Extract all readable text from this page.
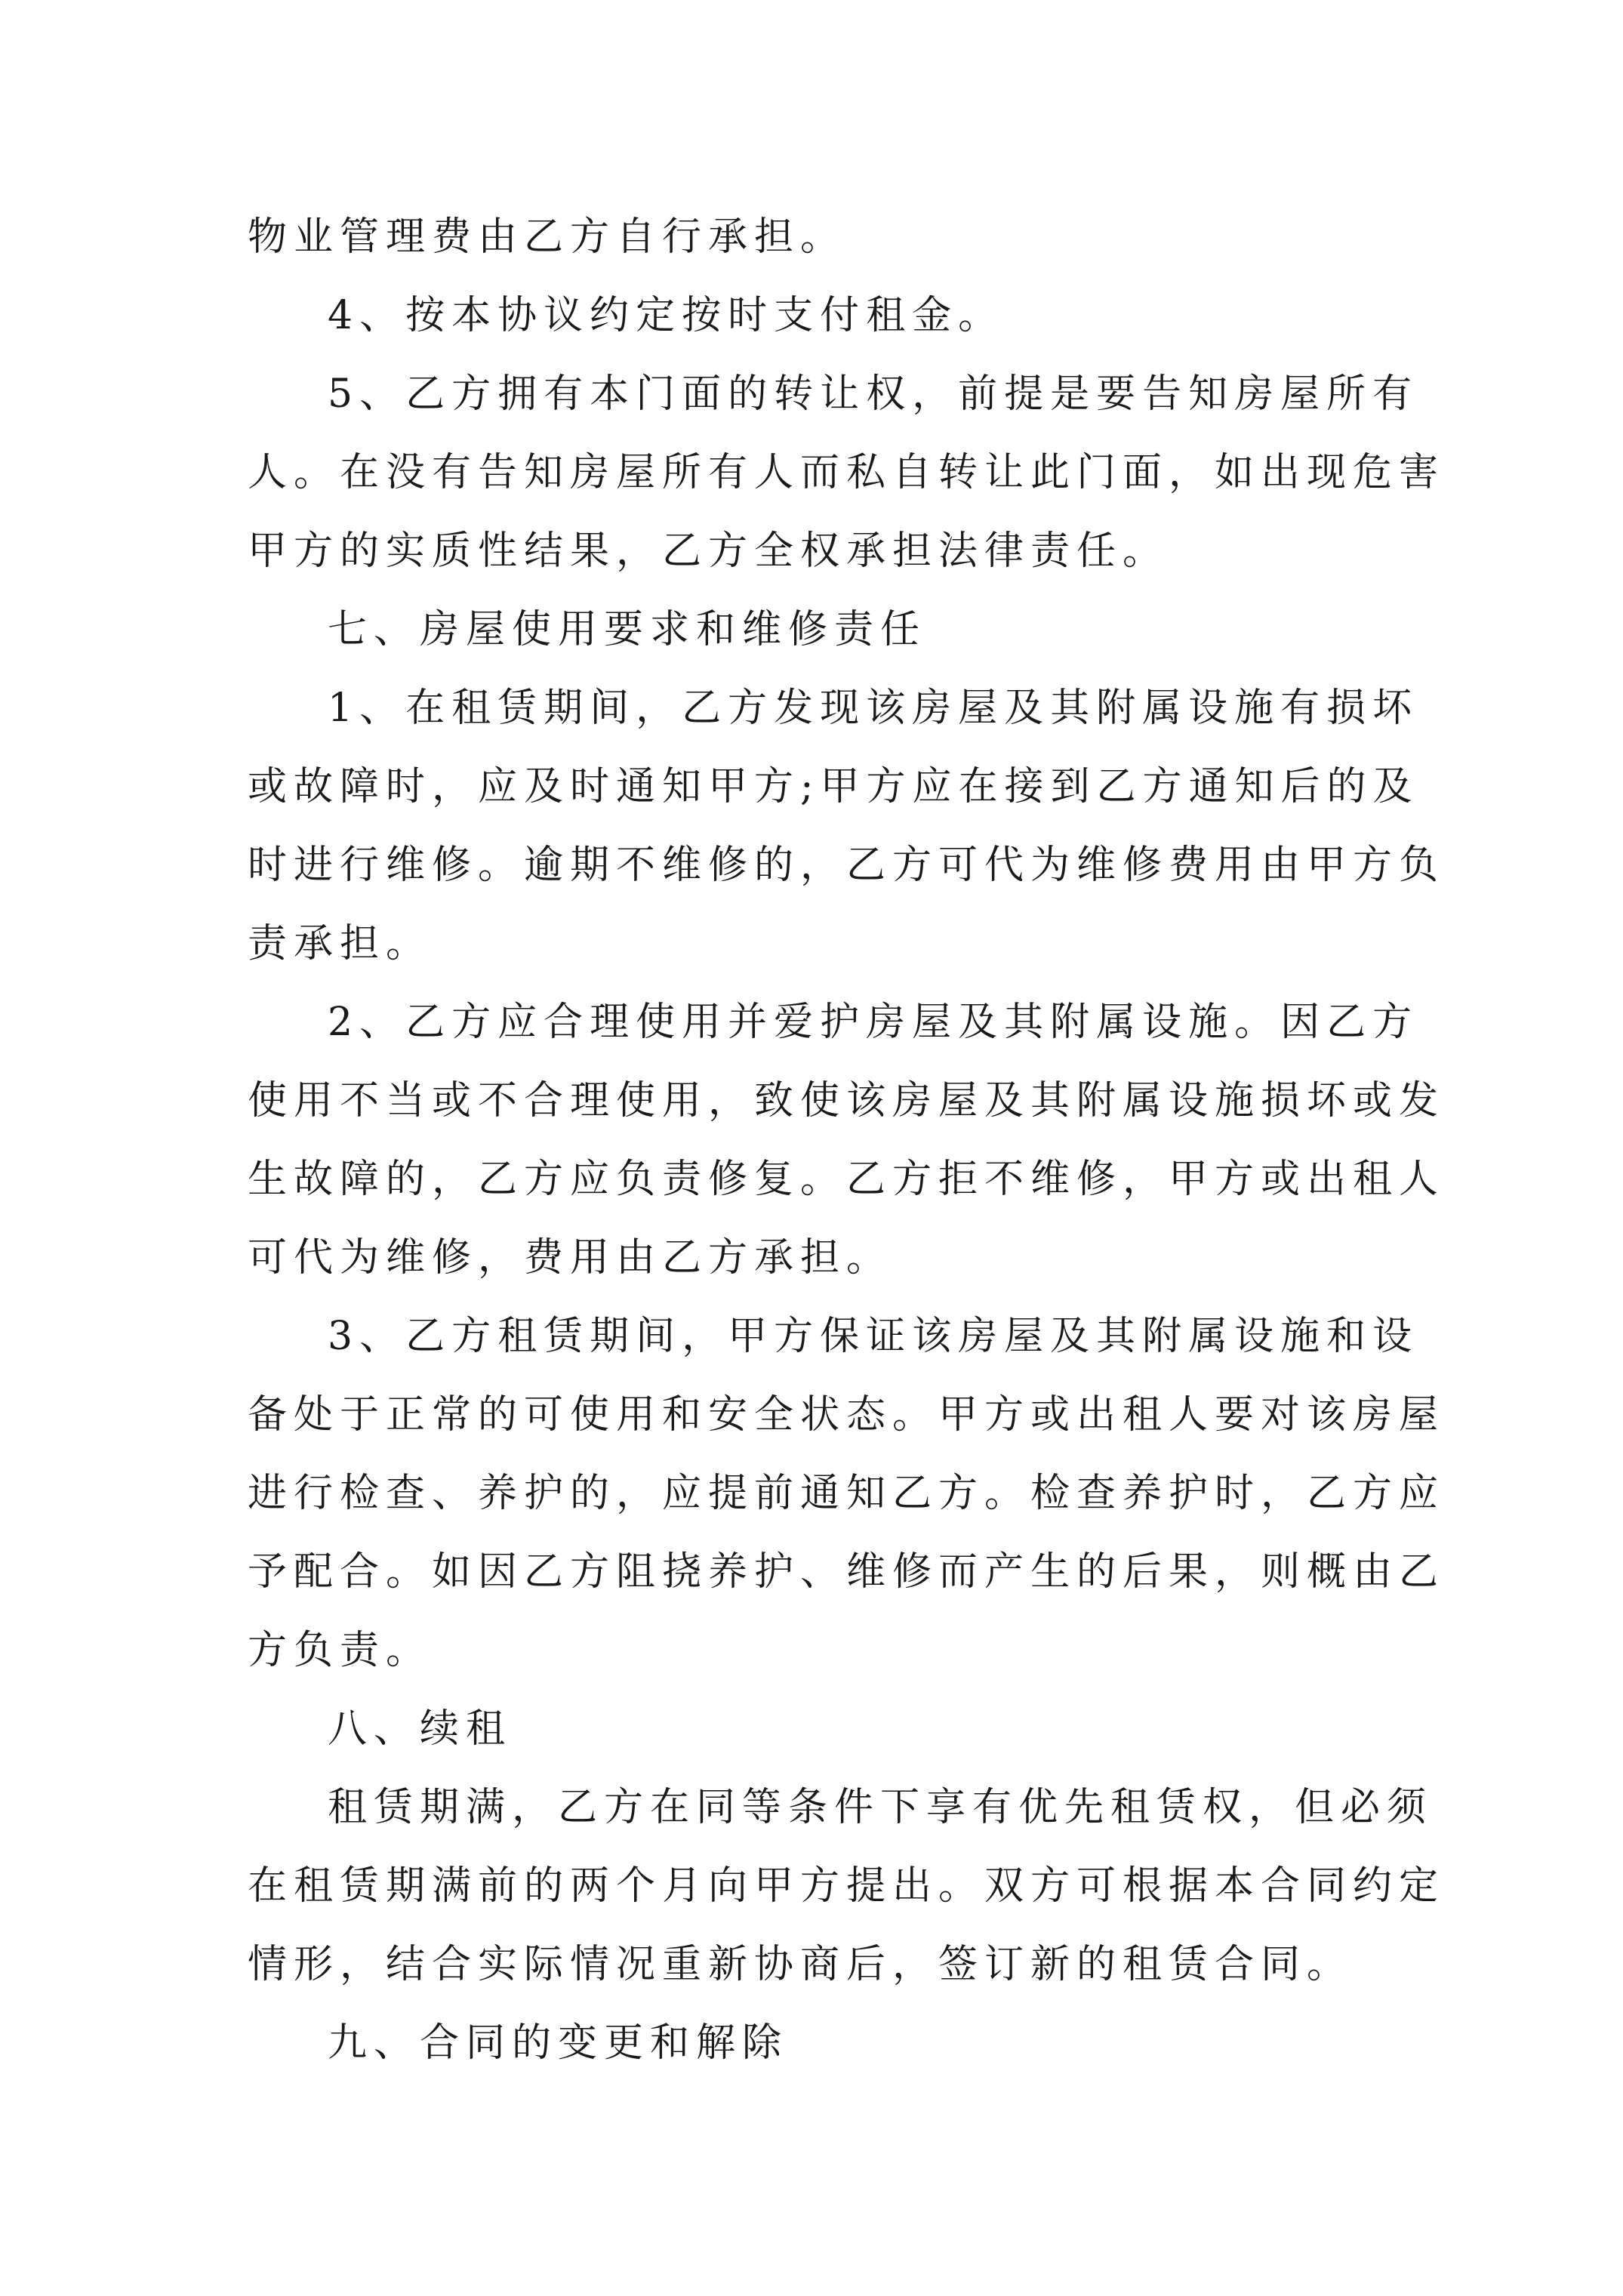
物业管理费由乙方自行承担。
4、按本协议约定按时支付租金。
5、乙方拥有本门面的转让权，前提是要告知房屋所有
人。在没有告知房屋所有人而私自转让此门面，如出现危害
甲方的实质性结果，乙方全权承担法律责任。
七、房屋使用要求和维修责任
1、在租赁期间，乙方发现该房屋及其附属设施有损坏
或故障时，应及时通知甲方;甲方应在接到乙方通知后的及
时进行维修。逾期不维修的，乙方可代为维修费用由甲方负
责承担。
2、乙方应合理使用并爱护房屋及其附属设施。因乙方
使用不当或不合理使用，致使该房屋及其附属设施损坏或发
生故障的，乙方应负责修复。乙方拒不维修，甲方或出租人
可代为维修，费用由乙方承担。
3、乙方租赁期间，甲方保证该房屋及其附属设施和设
备处于正常的可使用和安全状态。甲方或出租人要对该房屋
进行检查、养护的，应提前通知乙方。检查养护时，乙方应
予配合。如因乙方阻挠养护、维修而产生的后果，则概由乙
方负责。
八、续租
租赁期满，乙方在同等条件下享有优先租赁权，但必须
在租赁期满前的两个月向甲方提出。双方可根据本合同约定
情形，结合实际情况重新协商后，签订新的租赁合同。
九、合同的变更和解除
